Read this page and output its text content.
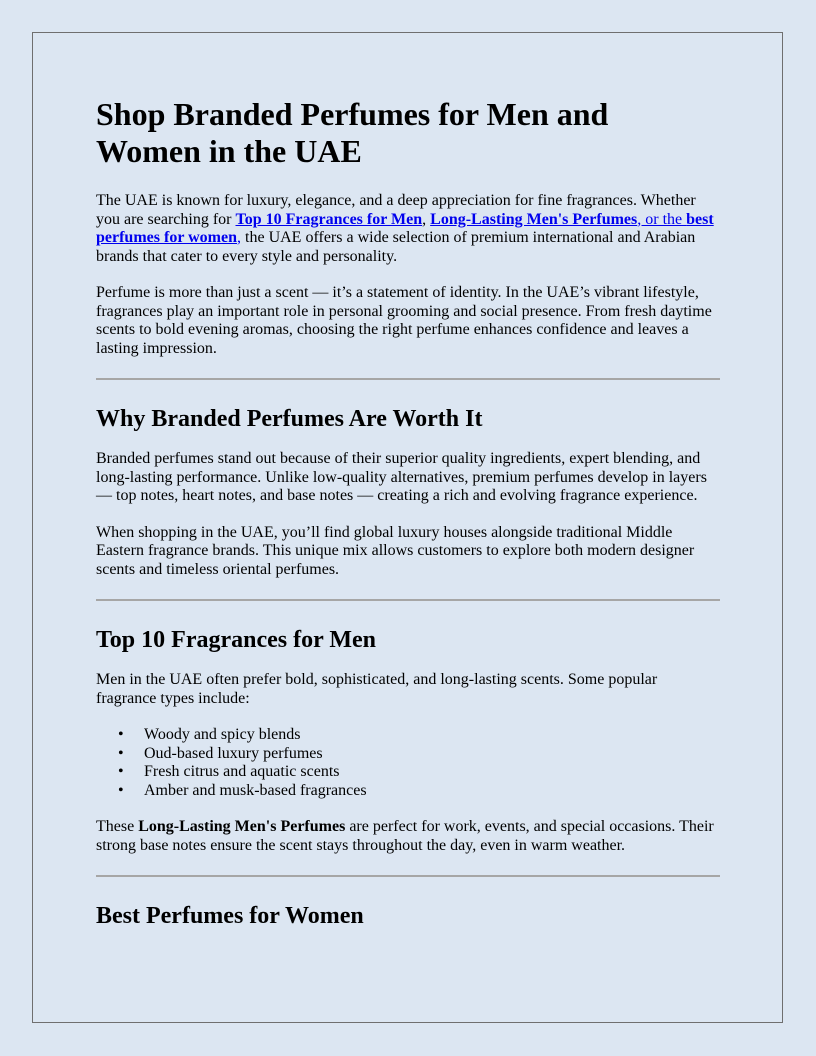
Shop Branded Perfumes for Men and Women in the UAE

The UAE is known for luxury, elegance, and a deep appreciation for fine fragrances. Whether you are searching for Top 10 Fragrances for Men, Long-Lasting Men's Perfumes, or the best perfumes for women, the UAE offers a wide selection of premium international and Arabian brands that cater to every style and personality.

Perfume is more than just a scent — it’s a statement of identity. In the UAE’s vibrant lifestyle, fragrances play an important role in personal grooming and social presence. From fresh daytime scents to bold evening aromas, choosing the right perfume enhances confidence and leaves a lasting impression.

Why Branded Perfumes Are Worth It

Branded perfumes stand out because of their superior quality ingredients, expert blending, and long-lasting performance. Unlike low-quality alternatives, premium perfumes develop in layers — top notes, heart notes, and base notes — creating a rich and evolving fragrance experience.

When shopping in the UAE, you’ll find global luxury houses alongside traditional Middle Eastern fragrance brands. This unique mix allows customers to explore both modern designer scents and timeless oriental perfumes.

Top 10 Fragrances for Men

Men in the UAE often prefer bold, sophisticated, and long-lasting scents. Some popular fragrance types include:

• Woody and spicy blends
• Oud-based luxury perfumes
• Fresh citrus and aquatic scents
• Amber and musk-based fragrances

These Long-Lasting Men's Perfumes are perfect for work, events, and special occasions. Their strong base notes ensure the scent stays throughout the day, even in warm weather.

Best Perfumes for Women
